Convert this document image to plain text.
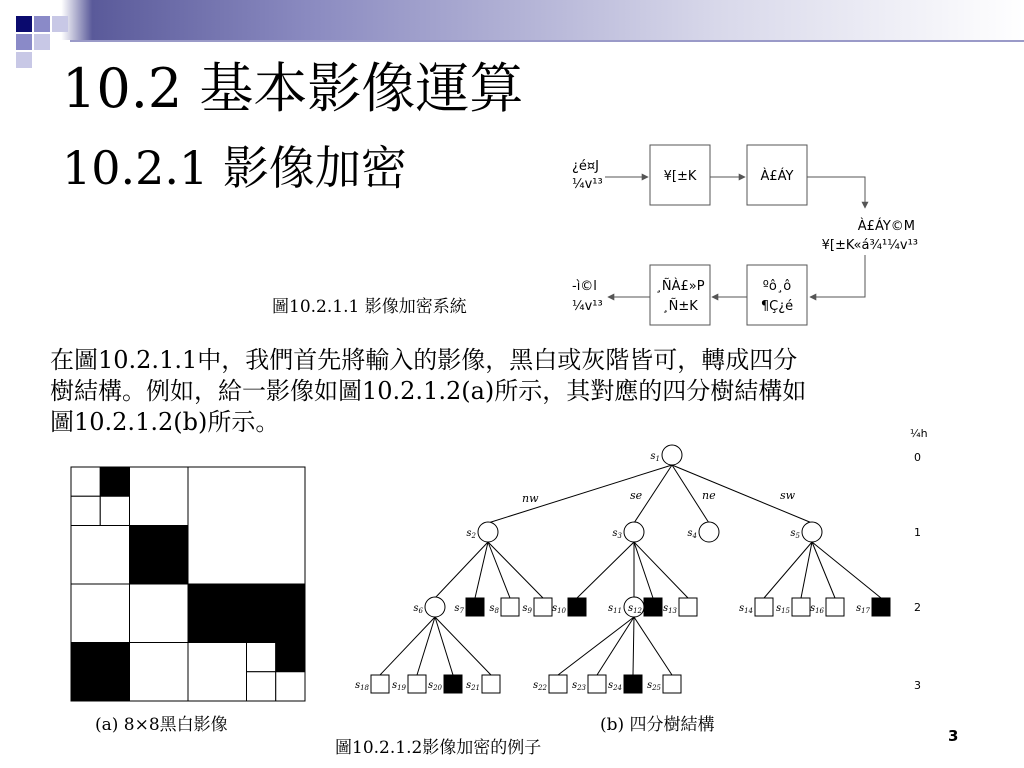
10.2 基本影像運算
10.2.1 影像加密	¿é¤J
¼v¹³
¥[±K	À£ÁY
À£ÁY©M
¥[±K«á¾¹¼v¹³
ºô¸ô
¶Ç¿é
¸ÑÀ£»P
¸Ñ±K
-ì©l
¼v¹³
圖10.2.1.1 影像加密系統
在圖10.2.1.1中，我們首先將輸入的影像，黑白或灰階皆可，轉成四分
樹結構。例如，給一影像如圖10.2.1.2(a)所示，其對應的四分樹結構如
圖10.2.1.2(b)所示。
$s_1$
$s_2$	$s_3$	$s_4$	$s_5$
$s_6$	$s_7$	$s_8$ $s_9$ $s_{10}$	$s_{11}$ $s_{12}$ $s_{13}$	$s_{14}$ $s_{15}$ $s_{16}$	$s_{17}$
$s_{18}$ $s_{19}$ $s_{20}$ $s_{21}$	$s_{22}$ $s_{23}$ $s_{24}$ $s_{25}$
nw	se	ne	sw
¼h
0
1
2
3
(a) 8×8黑白影像	(b) 四分樹結構
圖10.2.1.2影像加密的例子
3
